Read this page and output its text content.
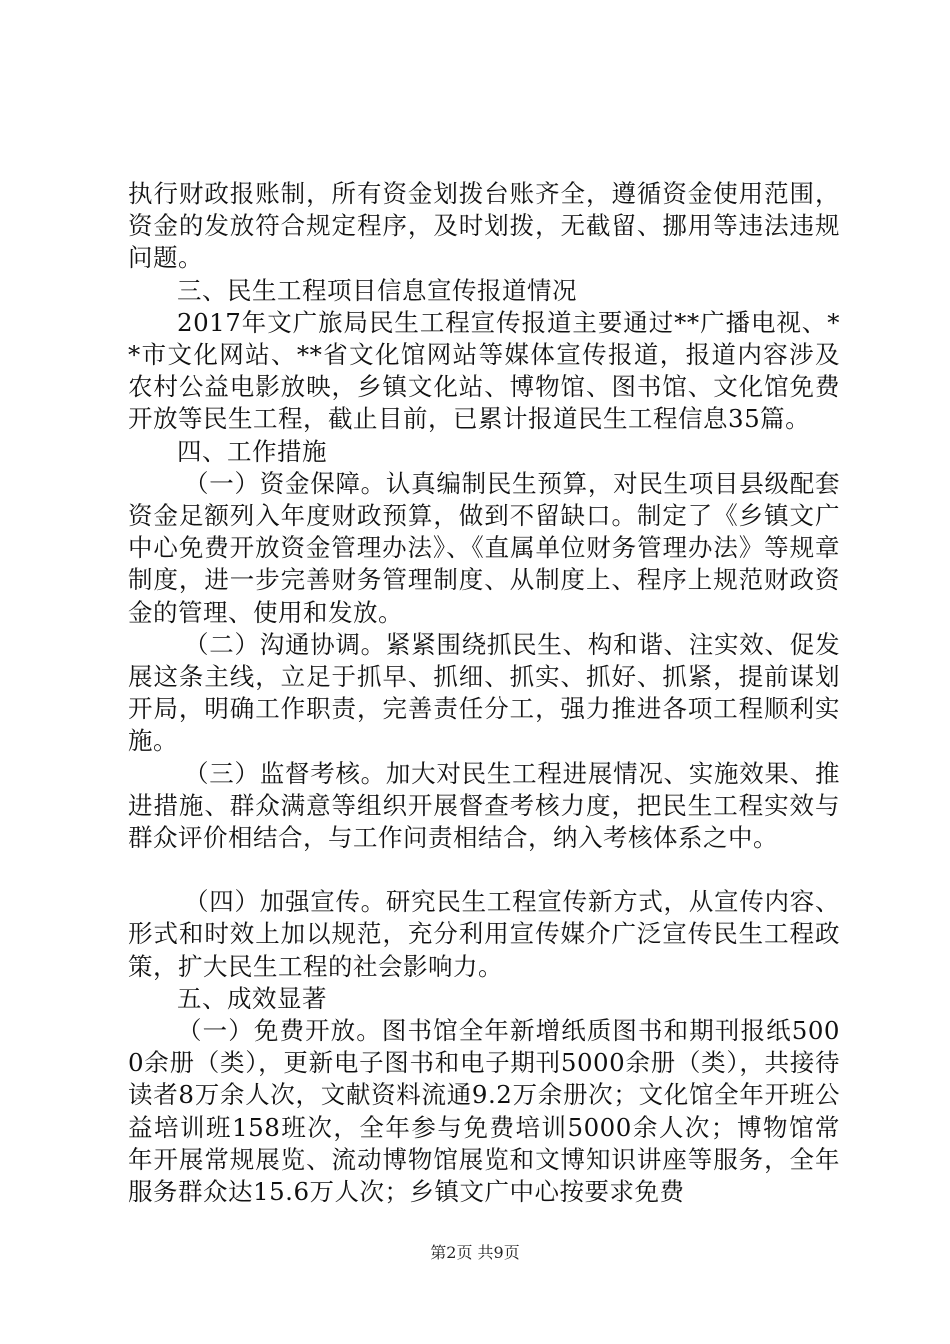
执行财政报账制，所有资金划拨台账齐全，遵循资金使用范围，资金的发放符合规定程序，及时划拨，无截留、挪用等违法违规问题。

三、民生工程项目信息宣传报道情况

2017年文广旅局民生工程宣传报道主要通过**广播电视、**市文化网站、**省文化馆网站等媒体宣传报道，报道内容涉及农村公益电影放映，乡镇文化站、博物馆、图书馆、文化馆免费开放等民生工程，截止目前，已累计报道民生工程信息35篇。

四、工作措施

（一）资金保障。认真编制民生预算，对民生项目县级配套资金足额列入年度财政预算，做到不留缺口。制定了《乡镇文广中心免费开放资金管理办法》、《直属单位财务管理办法》等规章制度，进一步完善财务管理制度、从制度上、程序上规范财政资金的管理、使用和发放。

（二）沟通协调。紧紧围绕抓民生、构和谐、注实效、促发展这条主线，立足于抓早、抓细、抓实、抓好、抓紧，提前谋划开局，明确工作职责，完善责任分工，强力推进各项工程顺利实施。

（三）监督考核。加大对民生工程进展情况、实施效果、推进措施、群众满意等组织开展督查考核力度，把民生工程实效与群众评价相结合，与工作问责相结合，纳入考核体系之中。

（四）加强宣传。研究民生工程宣传新方式，从宣传内容、形式和时效上加以规范，充分利用宣传媒介广泛宣传民生工程政策，扩大民生工程的社会影响力。

五、成效显著

（一）免费开放。图书馆全年新增纸质图书和期刊报纸5000余册（类），更新电子图书和电子期刊5000余册（类），共接待读者8万余人次，文献资料流通9.2万余册次；文化馆全年开班公益培训班158班次，全年参与免费培训5000余人次；博物馆常年开展常规展览、流动博物馆展览和文博知识讲座等服务，全年服务群众达15.6万人次；乡镇文广中心按要求免费

第2页 共9页
